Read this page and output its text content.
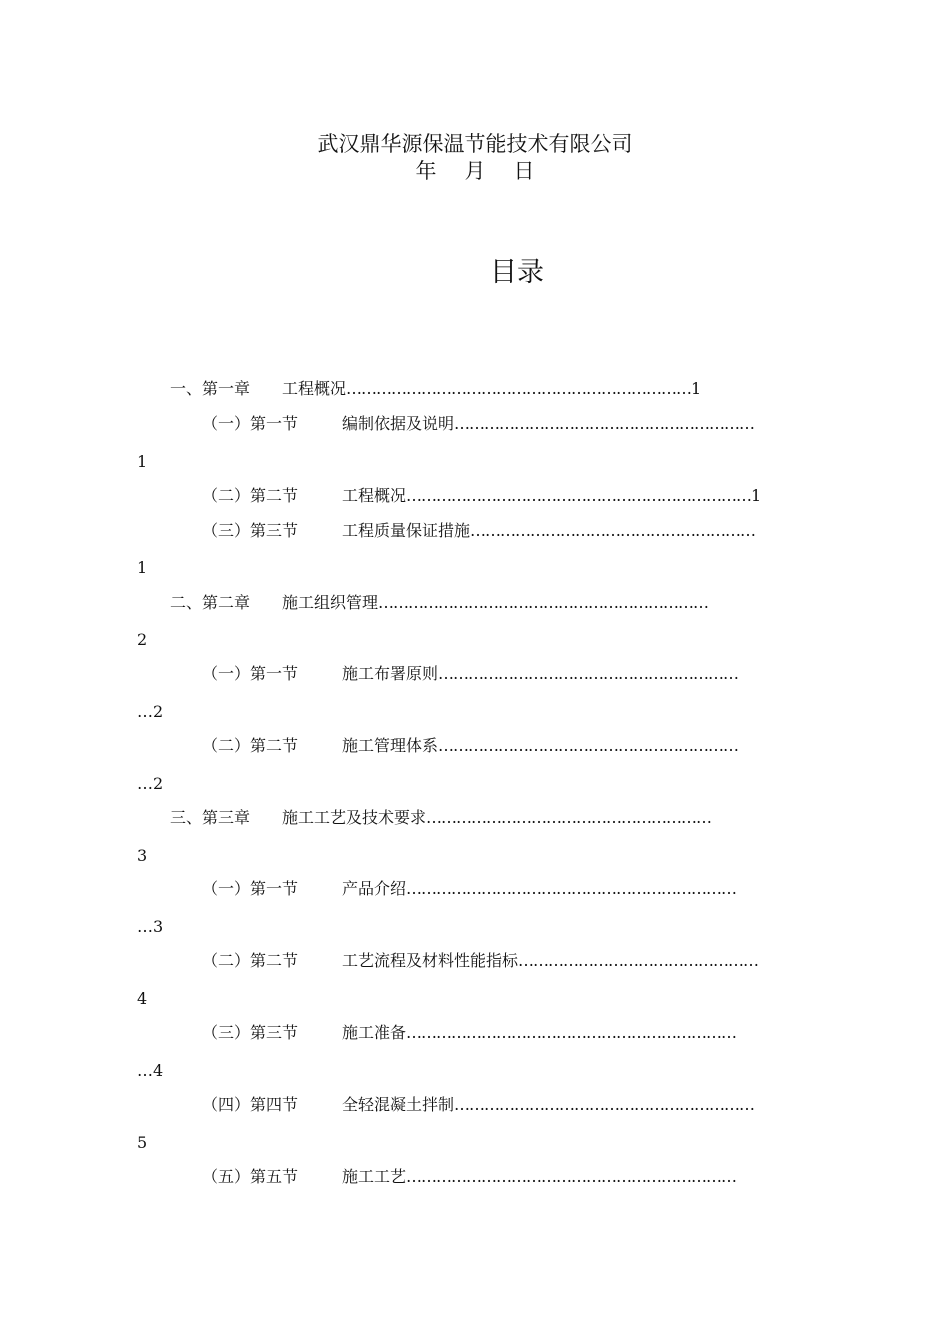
武汉鼎华源保温节能技术有限公司
年 月 日
目录
一、第一章 工程概况……………………………………………………………1
（一）第一节	编制依据及说明……………………………………………………
1
（二）第二节	工程概况……………………………………………………………1
（三）第三节	工程质量保证措施…………………………………………………
1
二、第二章 施工组织管理…………………………………………………………
2
（一）第一节	施工布署原则……………………………………………………
…2
（二）第二节	施工管理体系……………………………………………………
…2
三、第三章 施工工艺及技术要求…………………………………………………
3
（一）第一节	产品介绍…………………………………………………………
…3
（二）第二节	工艺流程及材料性能指标…………………………………………
4
（三）第三节	施工准备…………………………………………………………
…4
（四）第四节	全轻混凝土拌制……………………………………………………
5
（五）第五节	施工工艺…………………………………………………………
